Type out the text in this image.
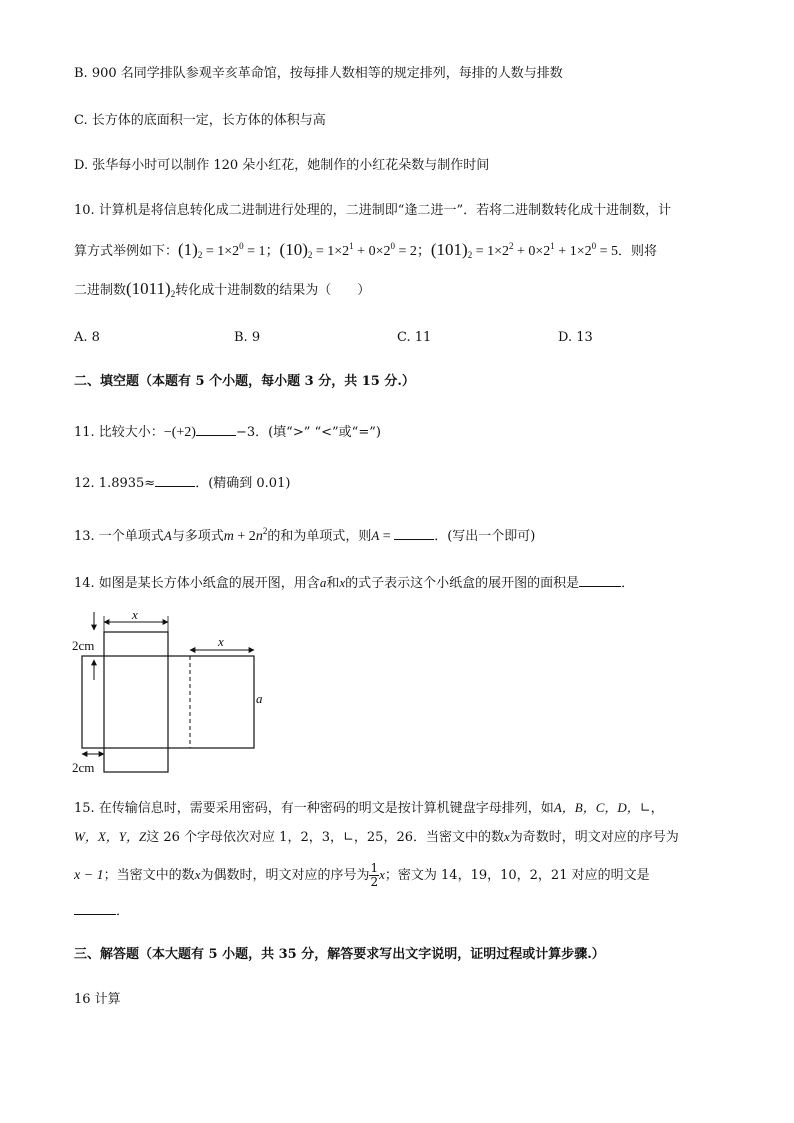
B. 900 名同学排队参观辛亥革命馆，按每排人数相等的规定排列，每排的人数与排数
C. 长方体的底面积一定，长方体的体积与高
D. 张华每小时可以制作 120 朵小红花，她制作的小红花朵数与制作时间
10. 计算机是将信息转化成二进制进行处理的，二进制即“逢二进一”．若将二进制数转化成十进制数，计
算方式举例如下：$(1)_2 = 1\times 2^0 = 1$；$(10)_2 = 1\times 2^1 + 0\times 2^0 = 2$；$(101)_2 = 1\times 2^2 + 0\times 2^1 + 1\times 2^0 = 5$．则将
二进制数$(1011)_2$转化成十进制数的结果为（　　）
A. 8	B. 9	C. 11	D. 13
二、填空题（本题有 5 个小题，每小题 3 分，共 15 分.）
11. 比较大小：−(+2)	−3．(填“>” “<”或“=”)
12. 1.8935≈	．(精确到 0.01)
13. 一个单项式A与多项式$m + 2n^2$的和为单项式，则A =	．(写出一个即可)
14. 如图是某长方体小纸盒的展开图，用含a和x的式子表示这个小纸盒的展开图的面积是	．
x
x
a
2cm
2cm
15. 在传输信息时，需要采用密码，有一种密码的明文是按计算机键盘字母排列，如A，B，C，D，∟，
W，X，Y，Z这 26 个字母依次对应 1，2，3，∟，25，26．当密文中的数x为奇数时，明文对应的序号为
x − 1；当密文中的数x为偶数时，明文对应的序号为 $\frac{1}{2}$ x；密文为 14，19，10，2，21 对应的明文是
．
三、解答题（本大题有 5 小题，共 35 分，解答要求写出文字说明，证明过程或计算步骤.）
16 计算
